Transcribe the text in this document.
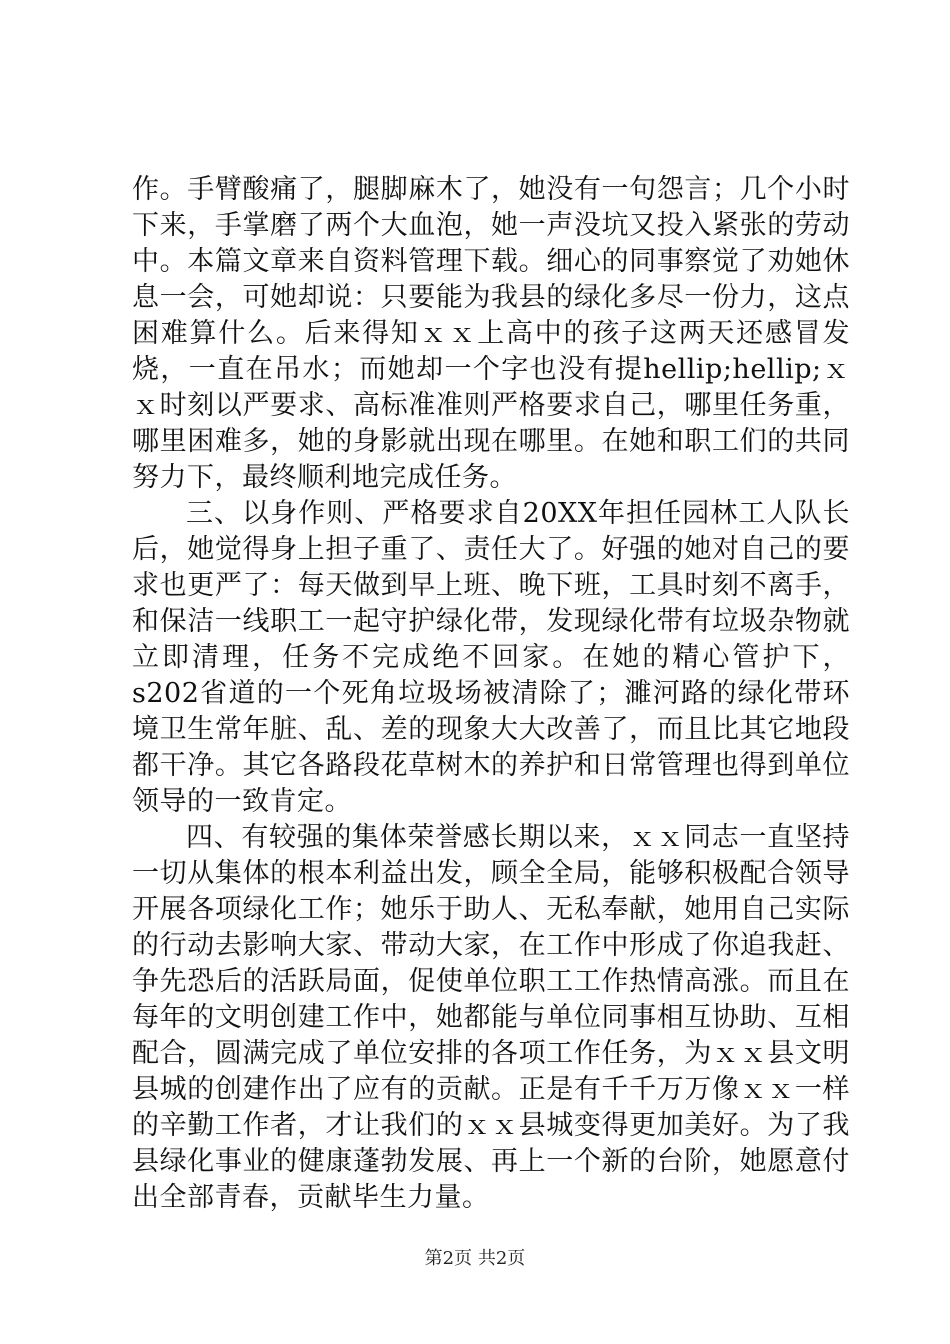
作。手臂酸痛了，腿脚麻木了，她没有一句怨言；几个小时下来，手掌磨了两个大血泡，她一声没坑又投入紧张的劳动中。本篇文章来自资料管理下载。细心的同事察觉了劝她休息一会，可她却说：只要能为我县的绿化多尽一份力，这点困难算什么。后来得知ｘｘ上高中的孩子这两天还感冒发烧，一直在吊水；而她却一个字也没有提hellip;hellip;ｘｘ时刻以严要求、高标准准则严格要求自己，哪里任务重，哪里困难多，她的身影就出现在哪里。在她和职工们的共同努力下，最终顺利地完成任务。

三、以身作则、严格要求自20XX年担任园林工人队长后，她觉得身上担子重了、责任大了。好强的她对自己的要求也更严了：每天做到早上班、晚下班，工具时刻不离手，和保洁一线职工一起守护绿化带，发现绿化带有垃圾杂物就立即清理，任务不完成绝不回家。在她的精心管护下，s202省道的一个死角垃圾场被清除了；濉河路的绿化带环境卫生常年脏、乱、差的现象大大改善了，而且比其它地段都干净。其它各路段花草树木的养护和日常管理也得到单位领导的一致肯定。

四、有较强的集体荣誉感长期以来，ｘｘ同志一直坚持一切从集体的根本利益出发，顾全全局，能够积极配合领导开展各项绿化工作；她乐于助人、无私奉献，她用自己实际的行动去影响大家、带动大家，在工作中形成了你追我赶、争先恐后的活跃局面，促使单位职工工作热情高涨。而且在每年的文明创建工作中，她都能与单位同事相互协助、互相配合，圆满完成了单位安排的各项工作任务，为ｘｘ县文明县城的创建作出了应有的贡献。正是有千千万万像ｘｘ一样的辛勤工作者，才让我们的ｘｘ县城变得更加美好。为了我县绿化事业的健康蓬勃发展、再上一个新的台阶，她愿意付出全部青春，贡献毕生力量。

第2页 共2页
